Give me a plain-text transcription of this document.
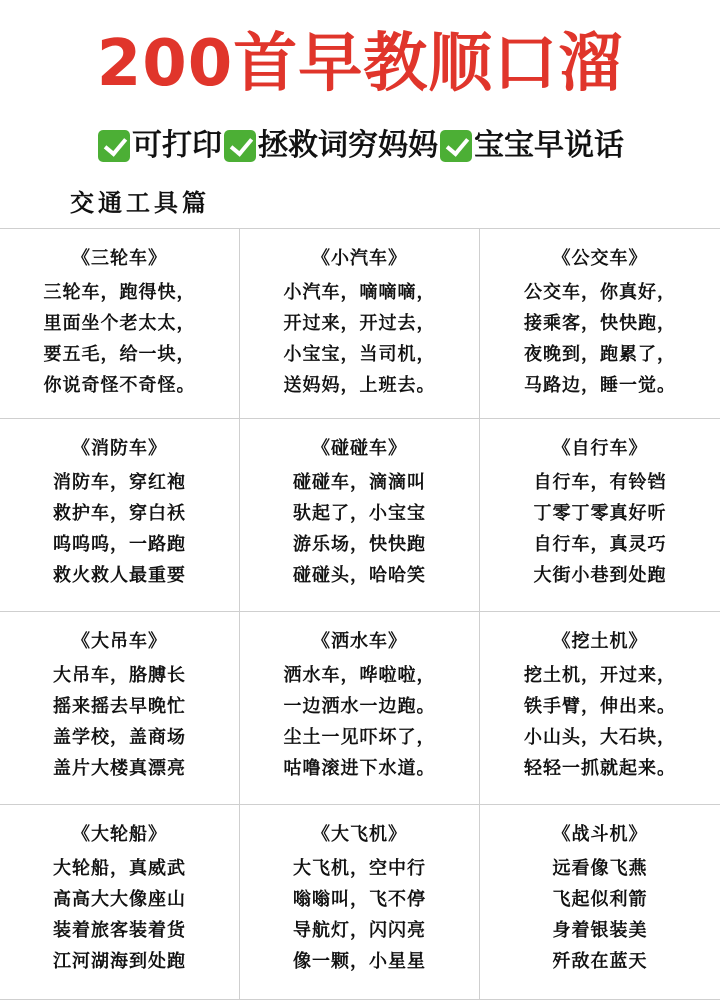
200首早教顺口溜
可打印 拯救词穷妈妈 宝宝早说话
交通工具篇
《三轮车》
三轮车，跑得快，
里面坐个老太太，
要五毛，给一块，
你说奇怪不奇怪。
《小汽车》
小汽车，嘀嘀嘀，
开过来，开过去，
小宝宝，当司机，
送妈妈，上班去。
《公交车》
公交车，你真好，
接乘客，快快跑，
夜晚到，跑累了，
马路边，睡一觉。
《消防车》
消防车，穿红袍
救护车，穿白袄
呜呜呜，一路跑
救火救人最重要
《碰碰车》
碰碰车，滴滴叫
驮起了，小宝宝
游乐场，快快跑
碰碰头，哈哈笑
《自行车》
自行车，有铃铛
丁零丁零真好听
自行车，真灵巧
大街小巷到处跑
《大吊车》
大吊车，胳膊长
摇来摇去早晚忙
盖学校，盖商场
盖片大楼真漂亮
《洒水车》
洒水车，哗啦啦，
一边洒水一边跑。
尘土一见吓坏了，
咕噜滚进下水道。
《挖土机》
挖土机，开过来，
铁手臂，伸出来。
小山头，大石块，
轻轻一抓就起来。
《大轮船》
大轮船，真威武
高高大大像座山
装着旅客装着货
江河湖海到处跑
《大飞机》
大飞机，空中行
嗡嗡叫，飞不停
导航灯，闪闪亮
像一颗，小星星
《战斗机》
远看像飞燕
飞起似利箭
身着银装美
歼敌在蓝天
